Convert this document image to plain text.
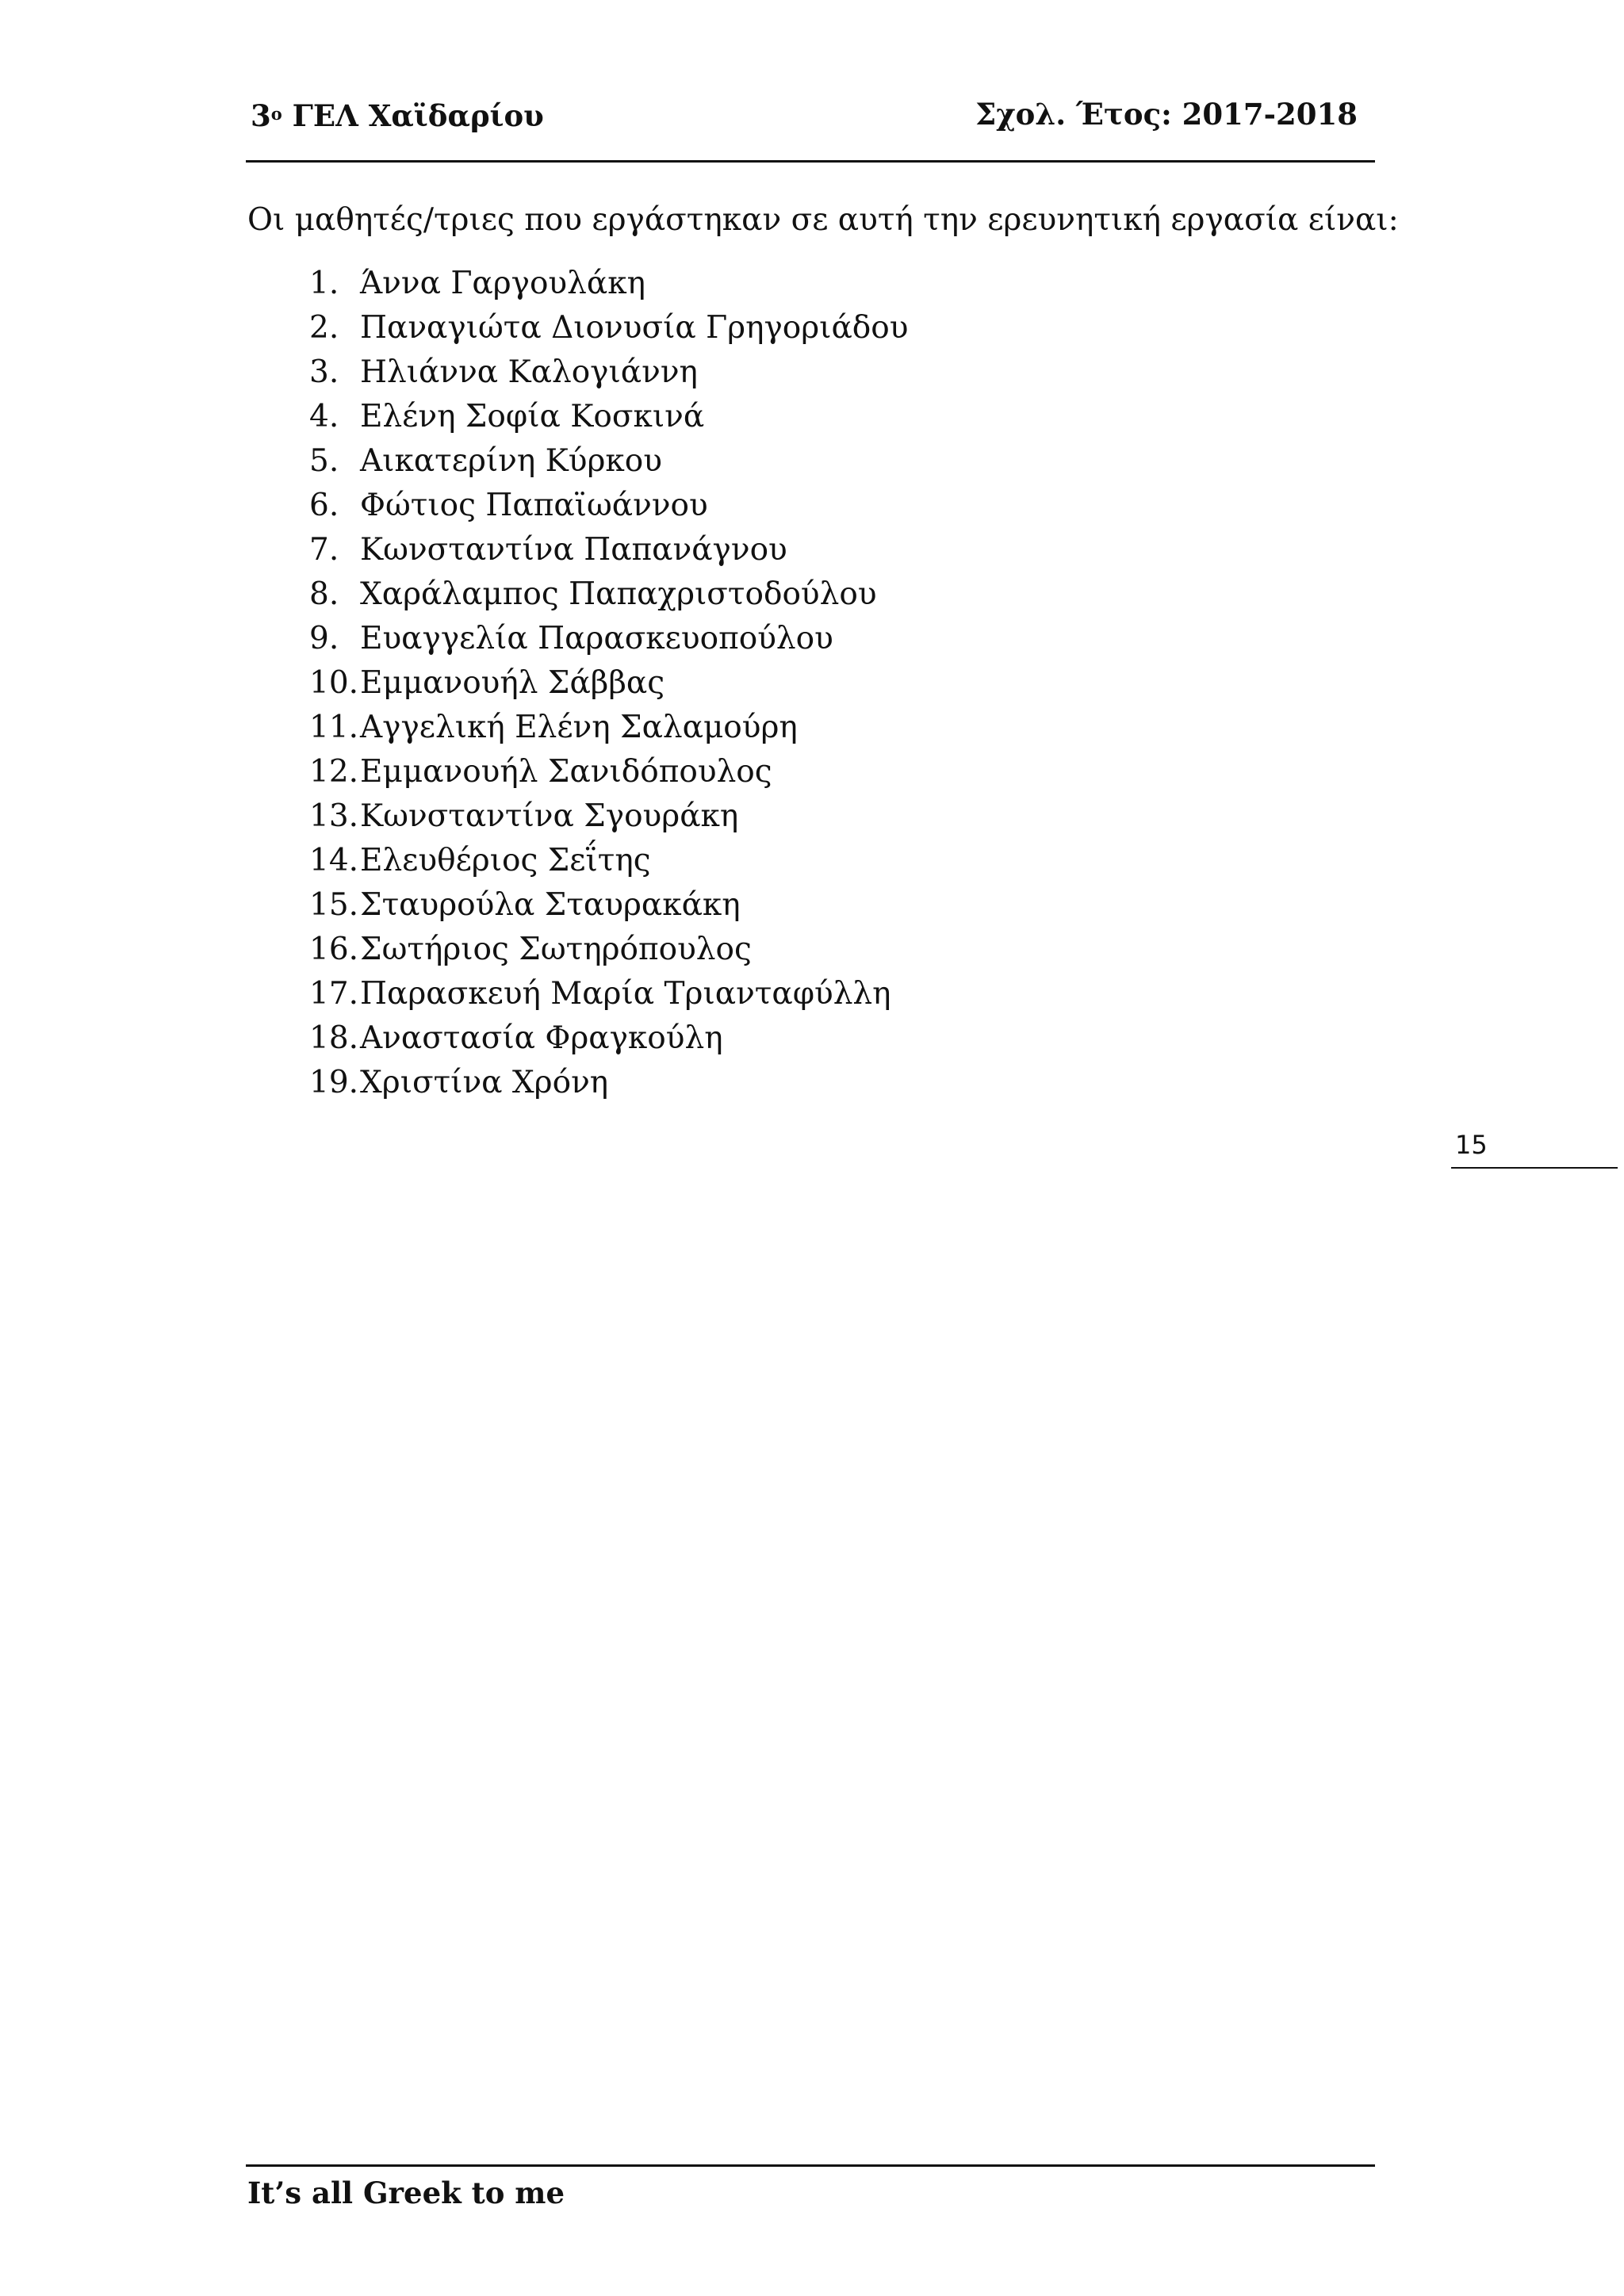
$3^o$ ΓΕΛ Χαϊδαρίου	Σχολ. Έτος: 2017-2018
Οι μαθητές/τριες που εργάστηκαν σε αυτή την ερευνητική εργασία είναι:
1. Άννα Γαργουλάκη
2. Παναγιώτα Διονυσία Γρηγοριάδου
3. Ηλιάννα Καλογιάννη
4. Ελένη Σοφία Κοσκινά
5. Αικατερίνη Κύρκου
6. Φώτιος Παπαϊωάννου
7. Κωνσταντίνα Παπανάγνου
8. Χαράλαμπος Παπαχριστοδούλου
9. Ευαγγελία Παρασκευοπούλου
10. Εμμανουήλ Σάββας
11. Αγγελική Ελένη Σαλαμούρη
12. Εμμανουήλ Σανιδόπουλος
13. Κωνσταντίνα Σγουράκη
14. Ελευθέριος Σεΐτης
15. Σταυρούλα Σταυρακάκη
16. Σωτήριος Σωτηρόπουλος
17. Παρασκευή Μαρία Τριανταφύλλη
18. Αναστασία Φραγκούλη
19. Χριστίνα Χρόνη
15
It’s all Greek to me
